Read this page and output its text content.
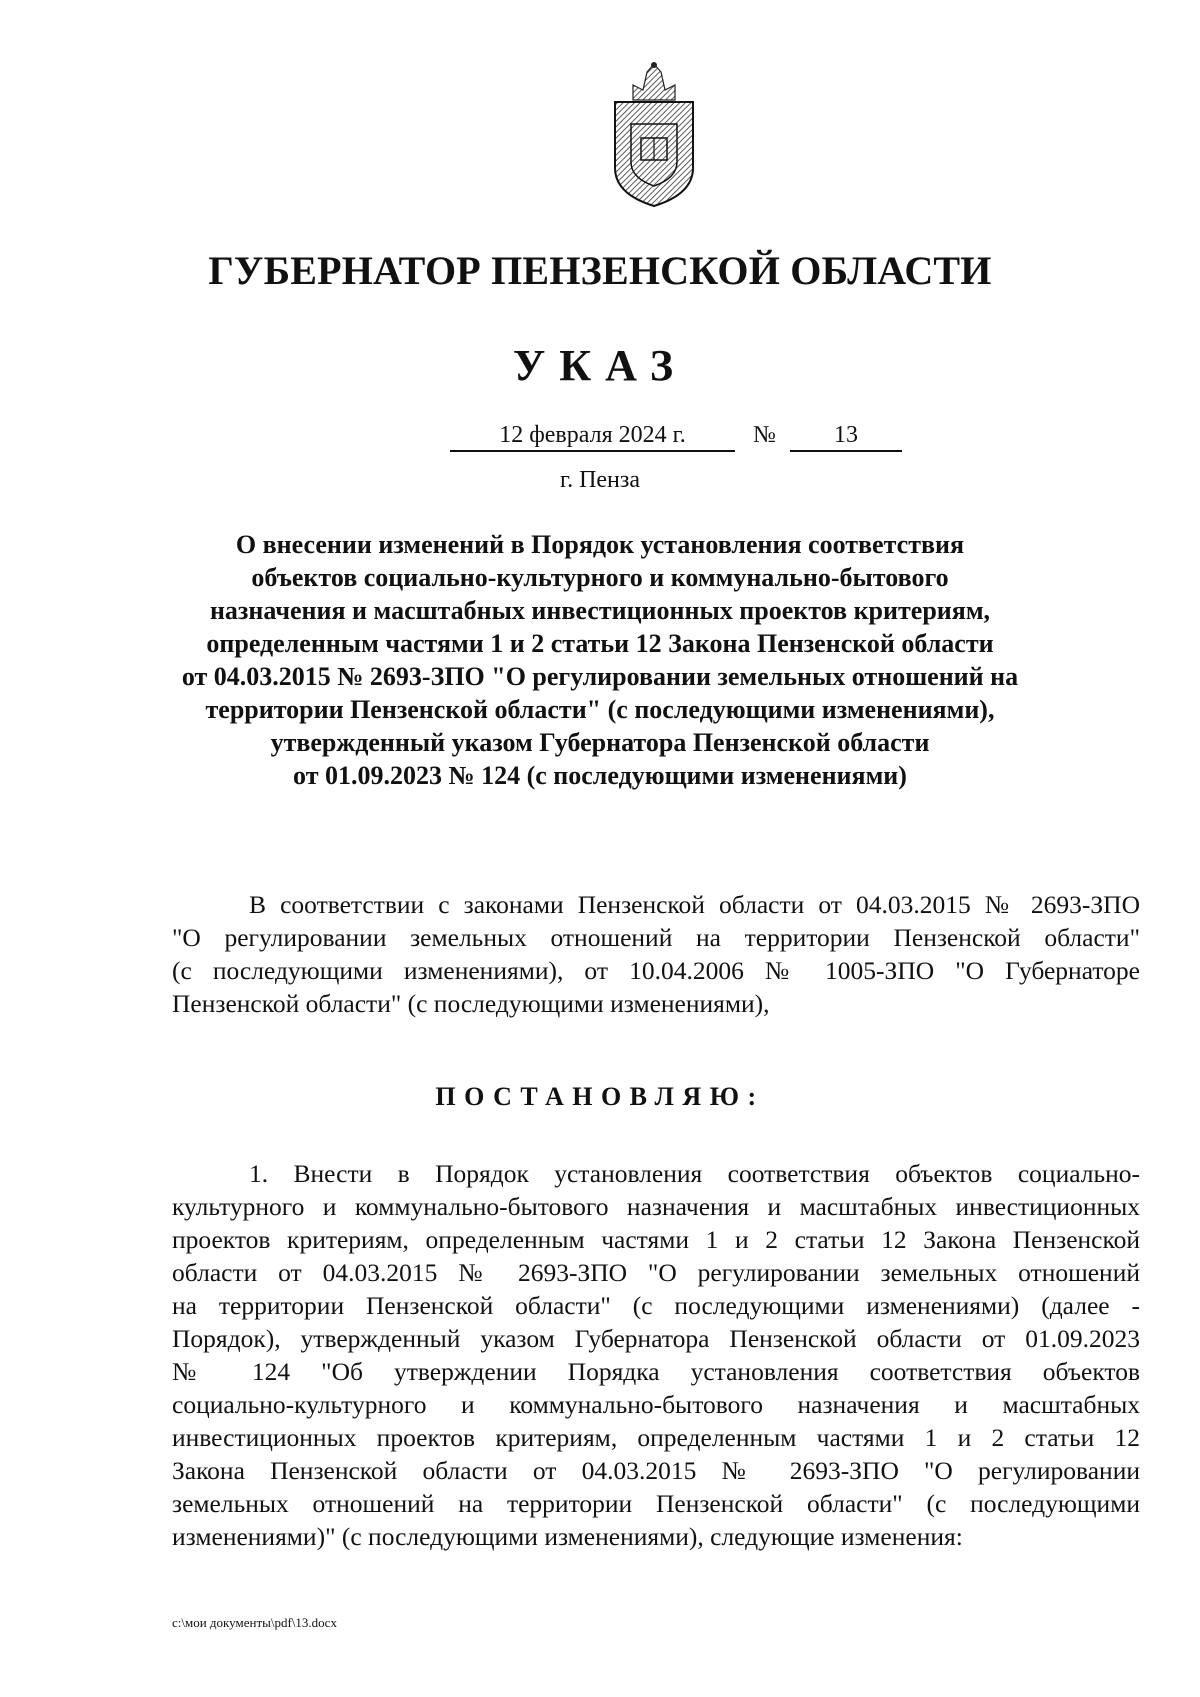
ГУБЕРНАТОР ПЕНЗЕНСКОЙ ОБЛАСТИ
УКАЗ
12 февраля 2024 г.	№	13
г. Пенза
О внесении изменений в Порядок установления соответствия
объектов социально-культурного и коммунально-бытового
назначения и масштабных инвестиционных проектов критериям,
определенным частями 1 и 2 статьи 12 Закона Пензенской области
от 04.03.2015 № 2693-ЗПО "О регулировании земельных отношений на
территории Пензенской области" (с последующими изменениями),
утвержденный указом Губернатора Пензенской области
от 01.09.2023 № 124 (с последующими изменениями)
В соответствии с законами Пензенской области от 04.03.2015 № 2693-ЗПО
"О регулировании земельных отношений на территории Пензенской области"
(с последующими изменениями), от 10.04.2006 № 1005-ЗПО "О Губернаторе
Пензенской области" (с последующими изменениями),
ПОСТАНОВЛЯЮ:
1. Внести в Порядок установления соответствия объектов социально-
культурного и коммунально-бытового назначения и масштабных инвестиционных
проектов критериям, определенным частями 1 и 2 статьи 12 Закона Пензенской
области от 04.03.2015 № 2693-ЗПО "О регулировании земельных отношений
на территории Пензенской области" (с последующими изменениями) (далее -
Порядок), утвержденный указом Губернатора Пензенской области от 01.09.2023
№ 124 "Об утверждении Порядка установления соответствия объектов
социально-культурного и коммунально-бытового назначения и масштабных
инвестиционных проектов критериям, определенным частями 1 и 2 статьи 12
Закона Пензенской области от 04.03.2015 № 2693-ЗПО "О регулировании
земельных отношений на территории Пензенской области" (с последующими
изменениями)" (с последующими изменениями), следующие изменения:
c:\мои документы\pdf\13.docx
